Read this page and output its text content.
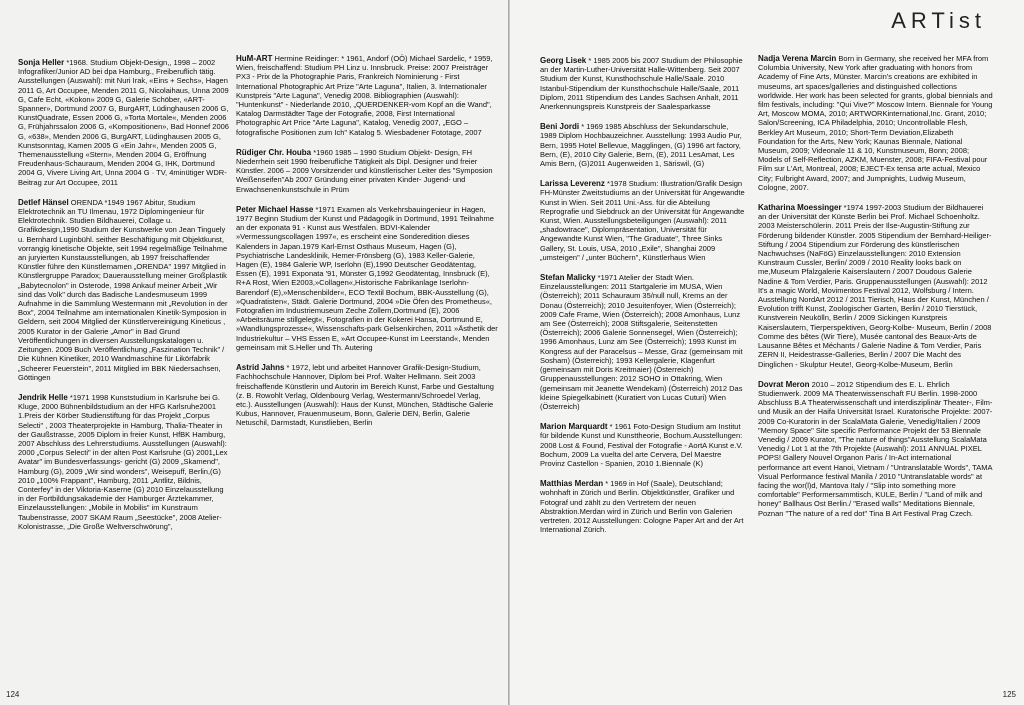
Sonja Heller *1968. Studium Objekt-Design,, 1998 – 2002 Infografiker/Junior AD bei dpa Hamburg., Freiberuflich tätig. Ausstellungen (Auswahl): mit Nuri Irak, «Eins + Sechs», Hagen 2011 G, Art Occupee, Menden 2011 G, Nicolaihaus, Unna 2009 G, Cafe Echt, «Kokon» 2009 G, Galerie Schöber, «ART-Spanner», Dortmund 2007 G, BurgART, Lüdinghausen 2006 G, KunstQuadrate, Essen 2006 G, »Torta Mortale«, Menden 2006 G, Frühjahrssalon 2006 G, «Kompositionen», Bad Honnef 2006 G, «638», Menden 2006 G, BurgART, Lüdinghausen 2005 G, Kunstsonntag, Kamen 2005 G «Ein Jahr«, Menden 2005 G, Themenausstellung «Stern», Menden 2004 G, Eröffnung Freudenhaus-Schauraum, Menden 2004 G, IHK, Dortmund 2004 G, Vivere Living Art, Unna 2004 G · TV, 4minütiger WDR-Beitrag zur Art Occupee, 2011
Detlef Hänsel ORENDA *1949 1967 Abitur, Studium Elektrotechnik an TU Ilmenau, 1972 Diplomingenieur für Elektrotechnik. Studien Bildhauerei, Collage u. Grafikdesign,1990 Studium der Kunstwerke von Jean Tinguely u. Bernhard Luginbühl. seither Beschäftigung mit Objektkunst, vorrangig kinetische Objekte, seit 1994 regelmäßige Teilnahme an juryierten Kunstausstellungen, ab 1997 freischaffender Künstler führe den Künstlernamen „ORENDA" 1997 Mitglied in Künstlergruppe Paradox; Dauerausstellung meiner Großplastik „Babytecnolon" in Osterode, 1998 Ankauf meiner Arbeit „Wir sind das Volk" durch das Badische Landesmuseum 1999 Aufnahme in die Sammlung Westermann mit „Revolution in der Box", 2004 Teilnahme am internationalen Kinetik-Symposion in Geldern, seit 2004 Mitglied der Künstlervereinigung Kineticus , 2005 Kurator in der Galerie „Amor" in Bad Grund Veröffentlichungen in diversen Ausstellungskatalogen u. Zeitungen. 2009 Buch Veröffentlichung „Faszination Technik" / Die Kühnen Kinetiker, 2010 Wandmaschine für Likörfabrik „Scheerer Feuerstein", 2011 Mitglied im BBK Niedersachsen, Göttingen
Jendrik Helle *1971 1998 Kunststudium in Karlsruhe bei G. Kluge, 2000 Bühnenbildstudium an der HFG Karlsruhe2001 1.Preis der Körber Studienstiftung für das Projekt „Corpus Selecti" , 2003 Theaterprojekte in Hamburg, Thalia-Theater in der Gaußstrasse, 2005 Diplom in freier Kunst, HfBK Hamburg, 2007 Abschluss des Lehrerstudiums. Ausstellungen (Auswahl): 2000 „Corpus Selecti" in der alten Post Karlsruhe (G) 2001„Lex Avatar" im Bundesverfassungs- gericht (G) 2009 „Skamend", Hamburg (G), 2009 „Wir sind wonders", Weisepuff, Berlin,(G) 2010 „100% Frappant", Hamburg, 2011 „Antlitz, Bildnis, Conterfey" in der Viktoria-Kaserne (G) 2010 Einzelausstellung in der Fortbildungsakademie der Hamburger Ärztekammer, Einzelausstellungen: „Mobile in Mobilis" im Kunstraum Taubenstrasse, 2007 SKAM Raum „Seestücke", 2008 Atelier-Kolonistrasse, „Die Große Weltverschwörung",
HuM-ART Hermine Reidinger: * 1961, Andorf (OÖ) Michael Sardelic, * 1959, Wien, freischaffend: Studium PH Linz u. Innsbruck. Preise: 2007 Preisträger PX3 - Prix de la Photographie Paris, Frankreich Nominierung - First International Photographic Art Prize "Arte Laguna", Italien, 3. Internationaler Kunstpreis "Arte Laguna", Venedig 2008. Bibliographien (Auswahl): "Huntenkunst" - Niederlande 2010, „QUERDENKER-vom Kopf an die Wand", Katalog Darmstädter Tage der Fotografie, 2008, First International Photographic Art Price "Arte Laguna", Katalog, Venedig 2007, „EGO – fotografische Positionen zum Ich" Katalog 5. Wiesbadener Fototage, 2007
Rüdiger Chr. Houba *1960 1985 – 1990 Studium Objekt- Design, FH Niederrhein seit 1990 freiberufliche Tätigkeit als Dipl. Designer und freier Künstler. 2006 – 2009 Vorsitzender und künstlerischer Leiter des "Symposion Weißenseifen"Ab 2007 Gründung einer privaten Kinder- Jugend- und Erwachsenenkunstschule in Prüm
Peter Michael Hasse *1971 Examen als Verkehrsbauingenieur in Hagen, 1977 Beginn Studium der Kunst und Pädagogik in Dortmund, 1991 Teilnahme an der exponata 91 - Kunst aus Westfalen. BDVI-Kalender »Vermessungscollagen 1997«, es erscheint eine Sonderedition dieses Kalenders in Japan.1979 Karl-Ernst Osthaus Museum, Hagen (G), Psychiatrische Landesklinik, Hemer-Frönsberg (G), 1983 Keller-Galerie, Hagen (E), 1984 Galerie WP, Iserlohn (E),1990 Deutscher Geodätentag, Essen (E), 1991 Exponata '91, Münster G,1992 Geodätentag, Innsbruck (E), R+A Rost, Wien E2003,»Collagen«,Historische Fabrikanlage Iserlohn-Barendorf (E),»Menschenbilder«, ECO Textil Bochum, BBK-Ausstellung (G), »Quadratisten«, Städt. Galerie Dortmund, 2004 »Die Öfen des Prometheus«, Fotografien im Industriemuseum Zeche Zollern,Dortmund (E), 2006 »Arbeitsräume stillgelegt«, Fotografien in der Kokerei Hansa, Dortmund E, »Wandlungsprozesse«, Wissenschafts-park Gelsenkirchen, 2011 »Ästhetik der Industriekultur – VHS Essen E, »Art Occupee-Kunst im Leerstand«, Menden gemeinsam mit S.Heller und Th. Autering
Astrid Jahns * 1972, lebt und arbeitet Hannover Grafik-Design-Studium, Fachhochschule Hannover, Diplom bei Prof. Walter Hellmann. Seit 2003 freischaffende Künstlerin und Autorin im Bereich Kunst, Farbe und Gestaltung (z. B. Rowohlt Verlag, Oldenbourg Verlag, Westermann/Schroedel Verlag, etc.). Ausstellungen (Auswahl): Haus der Kunst, München, Städtische Galerie Kubus, Hannover, Frauenmuseum, Bonn, Galerie DEN, Berlin, Galerie Netuschil, Darmstadt, Kunstlieben, Berlin
124
ARTist
Georg Lisek * 1985 2005 bis 2007 Studium der Philosophie an der Martin-Luther-Universität Halle-Wittenberg. Seit 2007 Studium der Kunst, Kunsthochschule Halle/Saale. 2010 Istanbul-Stipendium der Kunsthochschule Halle/Saale, 2011 Diplom, 2011 Stipendium des Landes Sachsen Anhalt, 2011 Anerkennungspreis Kunstpreis der Saalesparkasse
Beni Jordi * 1969 1985 Abschluss der Sekundarschule, 1989 Diplom Hochbauzeichner. Ausstellung: 1993 Audio Pur, Bern, 1995 Hotel Bellevue, Magglingen, (G) 1996 art factory, Bern, (E), 2010 City Galerie, Bern, (E), 2011 LesAmat, Les Amis Bern, (G)2011 Augenweiden 1, Säriswil, (G)
Larissa Leverenz *1978 Studium: Illustration/Grafik Design FH-Münster Zweitstudiums an der Universität für Angewandte Kunst in Wien. Seit 2011 Uni.-Ass. für die Abteilung Reprografie und Siebdruck an der Universität für Angewandte Kunst, Wien. Ausstellungsbeteiligungen (Auswahl): 2011 „shadowtrace", Diplompräsentation, Universität für Angewandte Kunst Wien, "The Graduate", Three Sinks Gallery, St. Louis, USA, 2010 „Exile", Shanghai 2009 „umsteigen" / „unter Büchern", Künstlerhaus Wien
Stefan Malicky *1971 Atelier der Stadt Wien. Einzelausstellungen: 2011 Startgalerie im MUSA, Wien (Österreich); 2011 Schauraum 35/null null, Krems an der Donau (Österreich); 2010 Jesuitenfoyer, Wien (Österreich); 2009 Cafe Frame, Wien (Österreich); 2008 Amonhaus, Lunz am See (Österreich); 2008 Stiftsgalerie, Seitenstetten (Österreich); 2006 Galerie Sonnensegel, Wien (Österreich); 1996 Amonhaus, Lunz am See (Österreich); 1993 Kunst im Kongress auf der Paracelsus – Messe, Graz (gemeinsam mit Sosham) (Österreich); 1993 Kellergalerie, Klagenfurt (gemeinsam mit Doris Kreitmaier) (Österreich) Gruppenausstellungen: 2012 SOHO in Ottakring, Wien (gemeinsam mit Jeanette Wendekam) (Österreich) 2012 Das kleine Spiegelkabinett (Kuratiert von Lucas Cuturi) Wien (Österreich)
Marion Marquardt * 1961 Foto-Design Studium am Institut für bildende Kunst und Kunsttheorie, Bochum.Ausstellungen: 2008 Lost & Found, Festival der Fotografie - AortA Kunst e.V. Bochum, 2009 La vuelta del arte Cervera, Del Maestre Provinz Castellon - Spanien, 2010 1.Biennale (K)
Matthias Merdan * 1969 in Hof (Saale), Deutschland; wohnhaft in Zürich und Berlin. Objektkünstler, Grafiker und Fotograf und zählt zu den Vertretern der neuen Abstraktion.Merdan wird in Zürich und Berlin von Galerien vertreten. 2012 Ausstellungen: Cologne Paper Art and der Art International Zürich.
Nadja Verena Marcin Born in Germany, she received her MFA from Columbia University, New York after graduating with honors from Academy of Fine Arts, Münster. Marcin's creations are exhibited in museums, art spaces/galleries and distinguished collections worldwide. Her work has been selected for grants, global biennials and film festivals, including: "Qui Vive?" Moscow Intern. Biennale for Young Art, Moscow MOMA, 2010; ARTWORKinternational,Inc. Grant, 2010; Salon/Screening, ICA Philadelphia, 2010; Uncontrollable Flesh, Berkley Art Museum, 2010; Short-Term Deviation,Elizabeth Foundation for the Arts, New York; Kaunas Biennale, National Museum, 2009; Videonale 11 & 10, Kunstmuseum, Bonn; 2008; Models of Self-Reflection, AZKM, Muenster, 2008; FIFA-Festival pour Film sur L'Art, Montreal, 2008; EJECT-Ex tensa arte actual, Mexico City; Fulbright Award, 2007; and Jumpnights, Ludwig Museum, Cologne, 2007.
Katharina Moessinger *1974 1997-2003 Studium der Bildhauerei an der Universität der Künste Berlin bei Prof. Michael Schoenholtz. 2003 Meisterschülerin. 2011 Preis der Ilse-Augustin-Stiftung zur Förderung bildender Künstler. 2005 Stipendium der Bernhard-Heiliger-Stiftung / 2004 Stipendium zur Förderung des künstlerischen Nachwuchses (NaFöG) Einzelausstellungen: 2010 Extension Kunstraum Cussler, Berlin/ 2009 / 2010 Reality looks back on me,Museum Pfalzgalerie Kaiserslautern / 2007 Doudous Galerie Nadine & Tom Verdier, Paris. Gruppenausstellungen (Auswahl): 2012 It's a magic World, Movimentos Festival 2012, Wolfsburg / Intern. Ausstellung NordArt 2012 / 2011 Tierisch, Haus der Kunst, München / Evolution trifft Kunst, Zoologischer Garten, Berlin / 2010 Tierstück, Kunstverein Neukölln, Berlin / 2009 Sickingen Kunstpreis Kaiserslautern, Tierperspektiven, Georg-Kolbe- Museum, Berlin / 2008 Comme des bêtes (Wir Tiere), Musée cantonal des Beaux-Arts de Lausanne Bêtes et Méchants / Galerie Nadine & Tom Verdier, Paris ZERN II, Heidestrasse-Galleries, Berlin / 2007 Die Macht des Dinglichen - Skulptur Heute!, Georg-Kolbe-Museum, Berlin
Dovrat Meron 2010 – 2012 Stipendium des E. L. Ehrlich Studienwerk. 2009 MA Theaterwissenschaft FU Berlin. 1998-2000 Abschluss B.A Theaterwissenschaft und interdisziplinär Theater-, Film-und Musik an der Haifa Universität Israel. Kuratorische Projekte: 2007-2009 Co-Kuratorin in der ScalaMata Galerie, Venedig/Italien / 2009 "Memory Space" Site specific Performance Projekt der 53 Biennale Venedig / 2009 Kurator, "The nature of things"Ausstellung ScalaMata Venedig / Lot 1 at the 7th Projekte (Auswahl): 2011 ANNUAL PIXEL POPS! Gallery Nouvel Organon Paris / In-Act international performance art event Hanoi, Vietnam / "Untranslatable Words", TAMA Visual Performance festival Manila / 2010 "Untranslatable words" at facing the wor(l)d, Mantova Italy / "Slip into something more comfortable" Performersammtisch, KULE, Berlin / "Land of milk and honey" Ballhaus Ost Berlin./ "Erased walls" Meditations Biennale, Poznan "The nature of a red dot" Tina B Art Festival Prag Czech.
125
